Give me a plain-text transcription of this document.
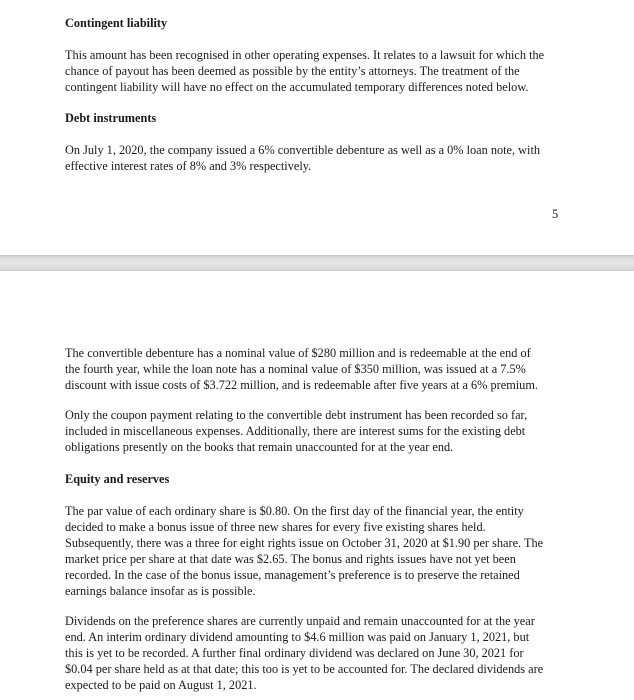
Contingent liability

This amount has been recognised in other operating expenses. It relates to a lawsuit for which the
chance of payout has been deemed as possible by the entity’s attorneys. The treatment of the
contingent liability will have no effect on the accumulated temporary differences noted below.

Debt instruments

On July 1, 2020, the company issued a 6% convertible debenture as well as a 0% loan note, with
effective interest rates of 8% and 3% respectively.

5

The convertible debenture has a nominal value of $280 million and is redeemable at the end of
the fourth year, while the loan note has a nominal value of $350 million, was issued at a 7.5%
discount with issue costs of $3.722 million, and is redeemable after five years at a 6% premium.

Only the coupon payment relating to the convertible debt instrument has been recorded so far,
included in miscellaneous expenses. Additionally, there are interest sums for the existing debt
obligations presently on the books that remain unaccounted for at the year end.

Equity and reserves

The par value of each ordinary share is $0.80. On the first day of the financial year, the entity
decided to make a bonus issue of three new shares for every five existing shares held.
Subsequently, there was a three for eight rights issue on October 31, 2020 at $1.90 per share. The
market price per share at that date was $2.65. The bonus and rights issues have not yet been
recorded. In the case of the bonus issue, management’s preference is to preserve the retained
earnings balance insofar as is possible.

Dividends on the preference shares are currently unpaid and remain unaccounted for at the year
end. An interim ordinary dividend amounting to $4.6 million was paid on January 1, 2021, but
this is yet to be recorded. A further final ordinary dividend was declared on June 30, 2021 for
$0.04 per share held as at that date; this too is yet to be accounted for. The declared dividends are
expected to be paid on August 1, 2021.
